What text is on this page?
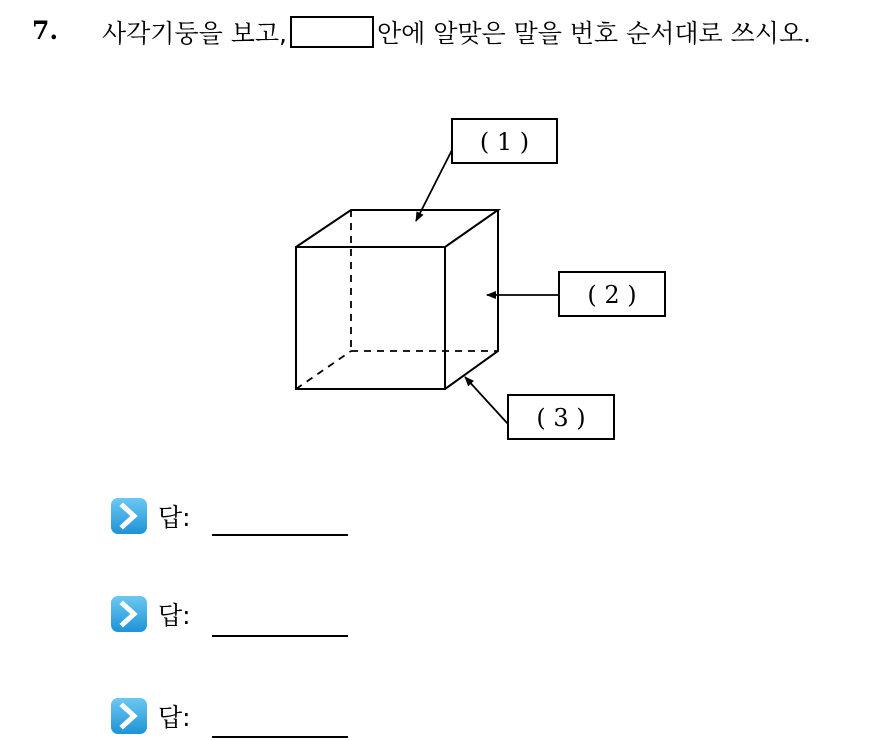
7. 사각기둥을 보고,	안에 알맞은 말을 번호 순서대로 쓰시오.
( 1 )
( 2 )
( 3 )
답:
답:
답:
